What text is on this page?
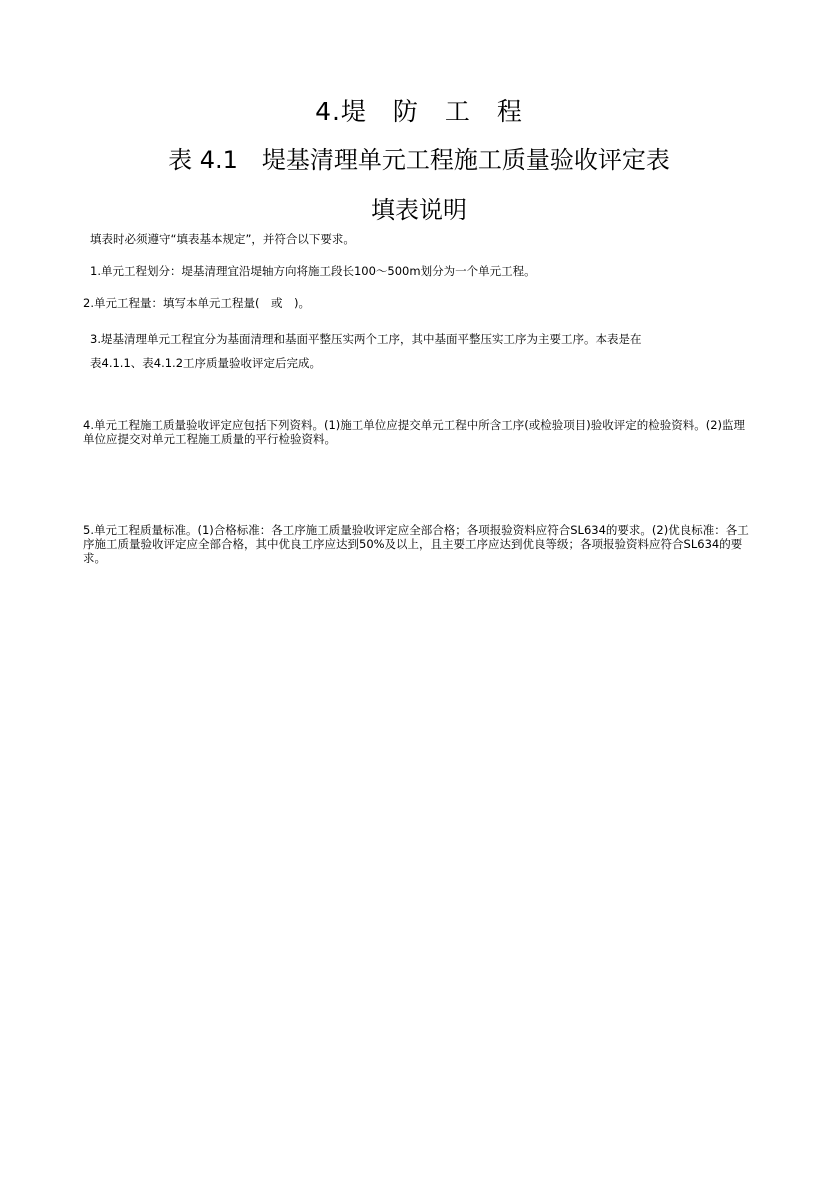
4.堤　防　工　程
表 4.1　堤基清理单元工程施工质量验收评定表
填表说明
填表时必须遵守“填表基本规定”，并符合以下要求。
1.单元工程划分：堤基清理宜沿堤轴方向将施工段长100～500m划分为一个单元工程。
2.单元工程量：填写本单元工程量(　或　)。
3.堤基清理单元工程宜分为基面清理和基面平整压实两个工序，其中基面平整压实工序为主要工序。本表是在
表4.1.1、表4.1.2工序质量验收评定后完成。
4.单元工程施工质量验收评定应包括下列资料。(1)施工单位应提交单元工程中所含工序(或检验项目)验收评定的检验资料。(2)监理单位应提交对单元工程施工质量的平行检验资料。
5.单元工程质量标准。(1)合格标准：各工序施工质量验收评定应全部合格；各项报验资料应符合SL634的要求。(2)优良标准：各工序施工质量验收评定应全部合格，其中优良工序应达到50%及以上，且主要工序应达到优良等级；各项报验资料应符合SL634的要求。
